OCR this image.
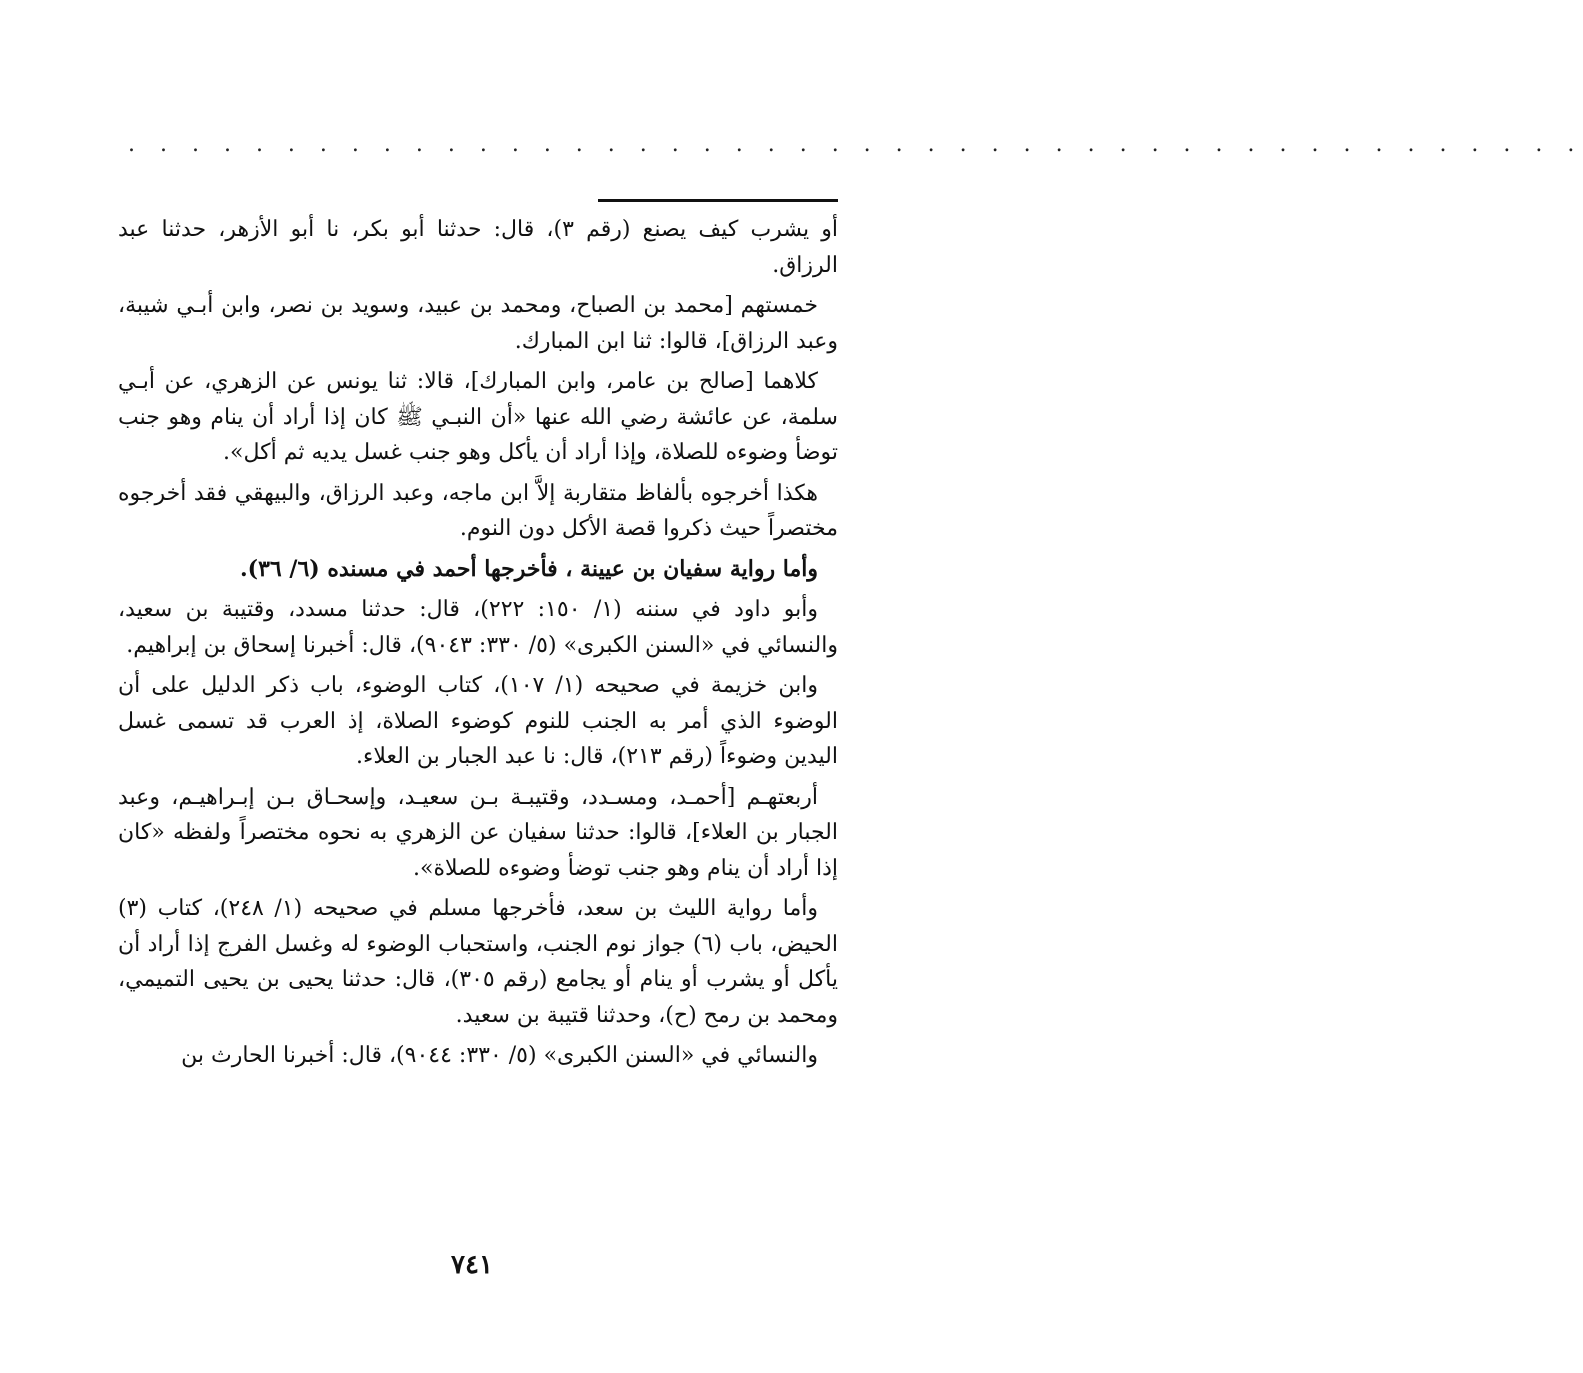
. . . . . . . . . . . . . . . . . . . . . . . . . . . . . . . . . . . . . . . . . . . . . .

أو يشرب كيف يصنع (رقم ٣)، قال: حدثنا أبو بكر، نا أبو الأزهر، حدثنا عبد الرزاق.

خمستهم [محمد بن الصباح، ومحمد بن عبيد، وسويد بن نصر، وابن أبـي شيبة، وعبد الرزاق]، قالوا: ثنا ابن المبارك.

كلاهما [صالح بن عامر، وابن المبارك]، قالا: ثنا يونس عن الزهري، عن أبـي سلمة، عن عائشة رضي الله عنها «أن النبـي ﷺ كان إذا أراد أن ينام وهو جنب توضأ وضوءه للصلاة، وإذا أراد أن يأكل وهو جنب غسل يديه ثم أكل».

هكذا أخرجوه بألفاظ متقاربة إلاَّ ابن ماجه، وعبد الرزاق، والبيهقي فقد أخرجوه مختصراً حيث ذكروا قصة الأكل دون النوم.

وأما رواية سفيان بن عيينة ، فأخرجها أحمد في مسنده (٦/ ٣٦).

وأبو داود في سننه (١/ ١٥٠: ٢٢٢)، قال: حدثنا مسدد، وقتيبة بن سعيد، والنسائي في «السنن الكبرى» (٥/ ٣٣٠: ٩٠٤٣)، قال: أخبرنا إسحاق بن إبراهيم.

وابن خزيمة في صحيحه (١/ ١٠٧)، كتاب الوضوء، باب ذكر الدليل على أن الوضوء الذي أمر به الجنب للنوم كوضوء الصلاة، إذ العرب قد تسمى غسل اليدين وضوءاً (رقم ٢١٣)، قال: نا عبد الجبار بن العلاء.

أربعتهـم [أحمـد، ومسـدد، وقتيبـة بـن سعيـد، وإسحـاق بـن إبـراهيـم، وعبد الجبار بن العلاء]، قالوا: حدثنا سفيان عن الزهري به نحوه مختصراً ولفظه «كان إذا أراد أن ينام وهو جنب توضأ وضوءه للصلاة».

وأما رواية الليث بن سعد، فأخرجها مسلم في صحيحه (١/ ٢٤٨)، كتاب (٣) الحيض، باب (٦) جواز نوم الجنب، واستحباب الوضوء له وغسل الفرج إذا أراد أن يأكل أو يشرب أو ينام أو يجامع (رقم ٣٠٥)، قال: حدثنا يحيى بن يحيى التميمي، ومحمد بن رمح (ح)، وحدثنا قتيبة بن سعيد.

والنسائي في «السنن الكبرى» (٥/ ٣٣٠: ٩٠٤٤)، قال: أخبرنا الحارث بن

٧٤١
